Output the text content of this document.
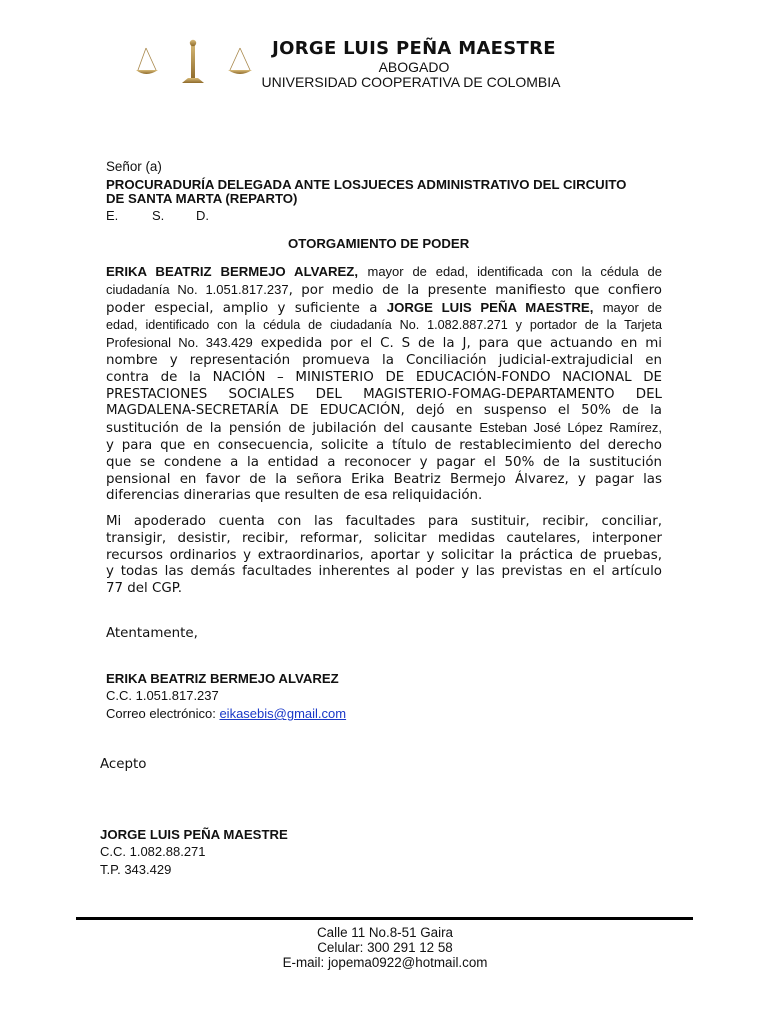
JORGE LUIS PEÑA MAESTRE
ABOGADO
UNIVERSIDAD COOPERATIVA DE COLOMBIA
Señor (a)
PROCURADURÍA DELEGADA ANTE LOSJUECES ADMINISTRATIVO DEL CIRCUITO
DE SANTA MARTA (REPARTO)
E.	S. D.
OTORGAMIENTO DE PODER
ERIKA BEATRIZ BERMEJO ALVAREZ, mayor de edad, identificada con la cédula de
ciudadanía No. 1.051.817.237, por medio de la presente manifiesto que confiero
poder especial, amplio y suficiente a JORGE LUIS PEÑA MAESTRE, mayor de
edad, identificado con la cédula de ciudadanía No. 1.082.887.271 y portador de la Tarjeta
Profesional No. 343.429 expedida por el C. S de la J, para que actuando en mi
nombre y representación promueva la Conciliación judicial-extrajudicial en
contra de la NACIÓN – MINISTERIO DE EDUCACIÓN-FONDO NACIONAL DE
PRESTACIONES SOCIALES DEL MAGISTERIO-FOMAG-DEPARTAMENTO DEL
MAGDALENA-SECRETARÍA DE EDUCACIÓN, dejó en suspenso el 50% de la
sustitución de la pensión de jubilación del causante Esteban José López Ramírez,
y para que en consecuencia, solicite a título de restablecimiento del derecho
que se condene a la entidad a reconocer y pagar el 50% de la sustitución
pensional en favor de la señora Erika Beatriz Bermejo Álvarez, y pagar las
diferencias dinerarias que resulten de esa reliquidación.
Mi apoderado cuenta con las facultades para sustituir, recibir, conciliar,
transigir, desistir, recibir, reformar, solicitar medidas cautelares, interponer
recursos ordinarios y extraordinarios, aportar y solicitar la práctica de pruebas,
y todas las demás facultades inherentes al poder y las previstas en el artículo
77 del CGP.
Atentamente,
ERIKA BEATRIZ BERMEJO ALVAREZ
C.C. 1.051.817.237
Correo electrónico: eikasebis@gmail.com
Acepto
JORGE LUIS PEÑA MAESTRE
C.C. 1.082.88.271
T.P. 343.429
Calle 11 No.8-51 Gaira
Celular: 300 291 12 58
E-mail: jopema0922@hotmail.com
